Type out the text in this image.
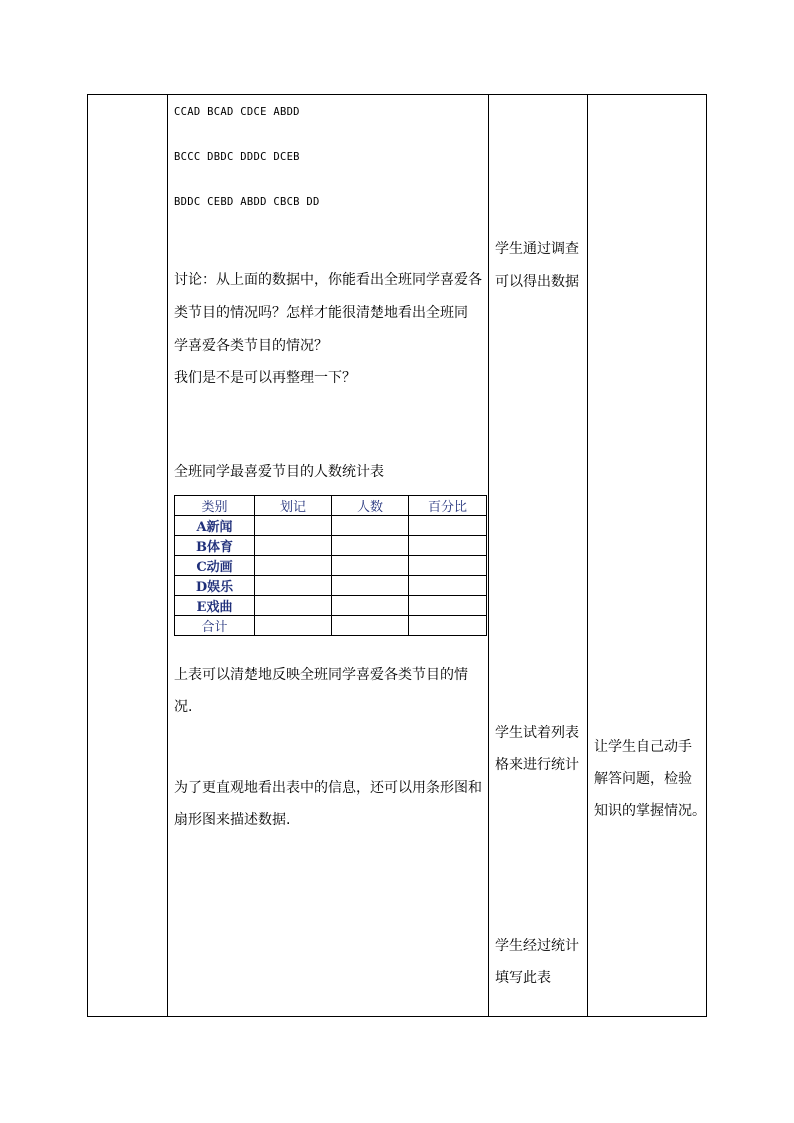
CCAD BCAD CDCE ABDD
BCCC DBDC DDDC DCEB
BDDC CEBD ABDD CBCB DD
讨论：从上面的数据中，你能看出全班同学喜爱各
类节目的情况吗？怎样才能很清楚地看出全班同
学喜爱各类节目的情况？
我们是不是可以再整理一下？
全班同学最喜爱节目的人数统计表
类别	划记	人数	百分比
A新闻			
B体育			
C动画			
D娱乐			
E戏曲			
合计			
上表可以清楚地反映全班同学喜爱各类节目的情
况.
为了更直观地看出表中的信息，还可以用条形图和
扇形图来描述数据.
学生通过调查
可以得出数据
学生试着列表
格来进行统计
学生经过统计
填写此表
让学生自己动手
解答问题，检验
知识的掌握情况。
